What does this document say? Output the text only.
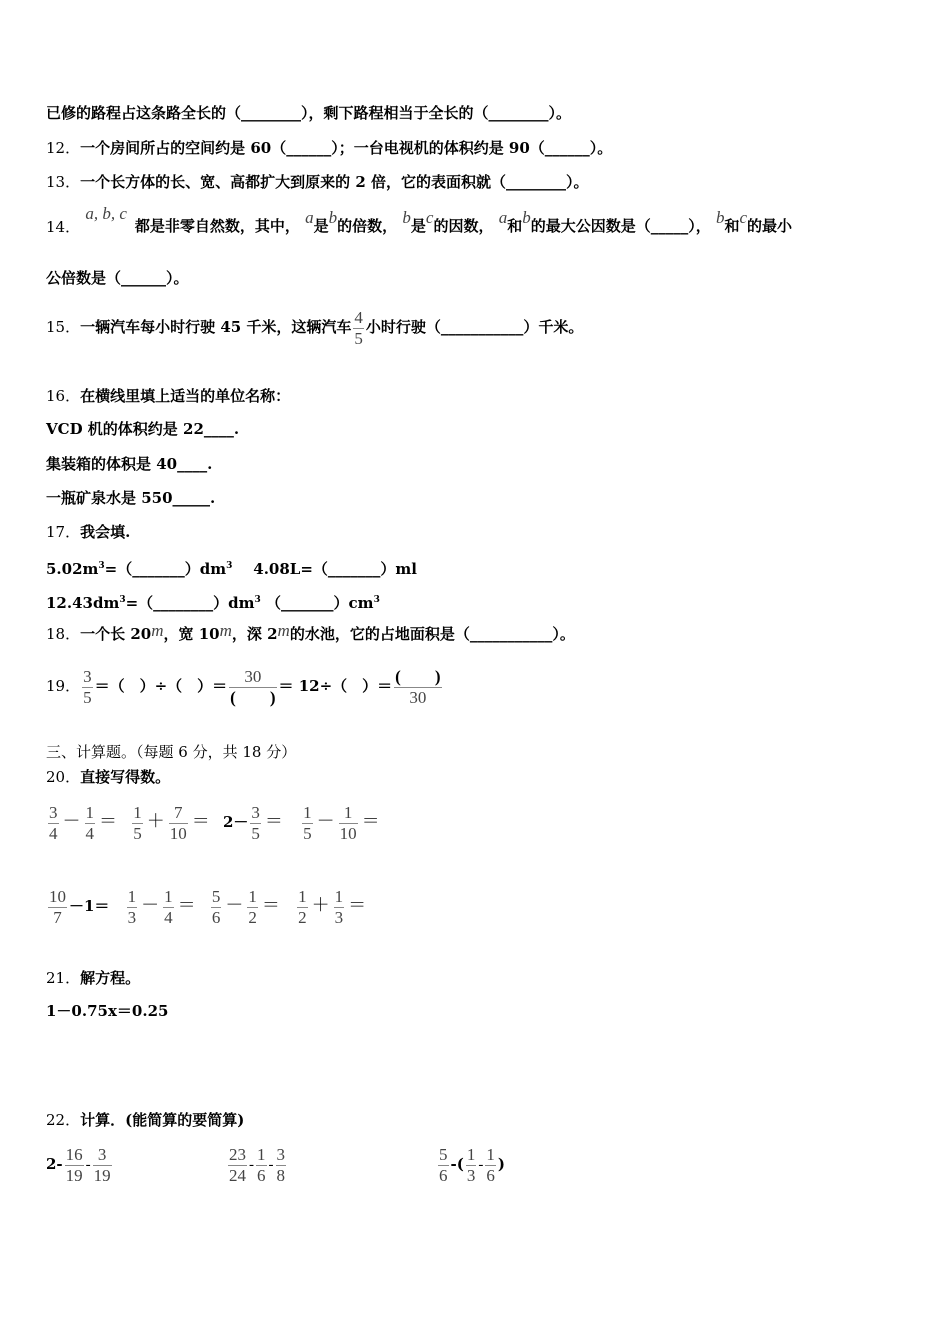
已修的路程占这条路全长的（________），剩下路程相当于全长的（________）。
12．一个房间所占的空间约是 60（______）；一台电视机的体积约是 90（______）。
13．一个长方体的长、宽、高都扩大到原来的 2 倍，它的表面积就（________）。
14． a, b, c都是非零自然数，其中， a是b的倍数， b是c的因数， a和b的最大公因数是（_____）， b和c的最小
公倍数是（______）。
15．一辆汽车每小时行驶 45 千米，这辆汽车 $\frac{4}{5}$ 小时行驶（___________）千米。
16．在横线里填上适当的单位名称：
VCD 机的体积约是 22____.
集装箱的体积是 40____.
一瓶矿泉水是 550_____.
17．我会填.
$5.02m^3=(\_\_\_\_\_\_\_)dm^3$ 4.08L=（_______）ml
$12.43dm^3=(\_\_\_\_\_\_\_\_)dm^3$ $(\_\_\_\_\_\_\_)cm^3$
18．一个长 20m，宽 10m，深 2m的水池，它的占地面积是（___________）。
19． $\frac{3}{5}$ ＝（　）÷（　）＝ $\frac{30}{( )} = 12\div$（　）＝ $\frac{( )}{30}$
三、计算题。（每题 6 分，共 18 分）
20．直接写得数。
$\frac{3}{4} - \frac{1}{4} = \frac{1}{5} + \frac{7}{10} = 2- \frac{3}{5} = \frac{1}{5} - \frac{1}{10}$ ＝
$\frac{10}{7} -1= \frac{1}{3} - \frac{1}{4} = \frac{5}{6} - \frac{1}{2} = \frac{1}{2} + \frac{1}{3}$ ＝
21．解方程。
1－0.75x＝0.25
22．计算．(能简算的要简算)
$2- \frac{16}{19} - \frac{3}{19}$	$\frac{23}{24} - \frac{1}{6} - \frac{3}{8}$	$\frac{5}{6}$ -( $\frac{1}{3} - \frac{1}{6}$ )
